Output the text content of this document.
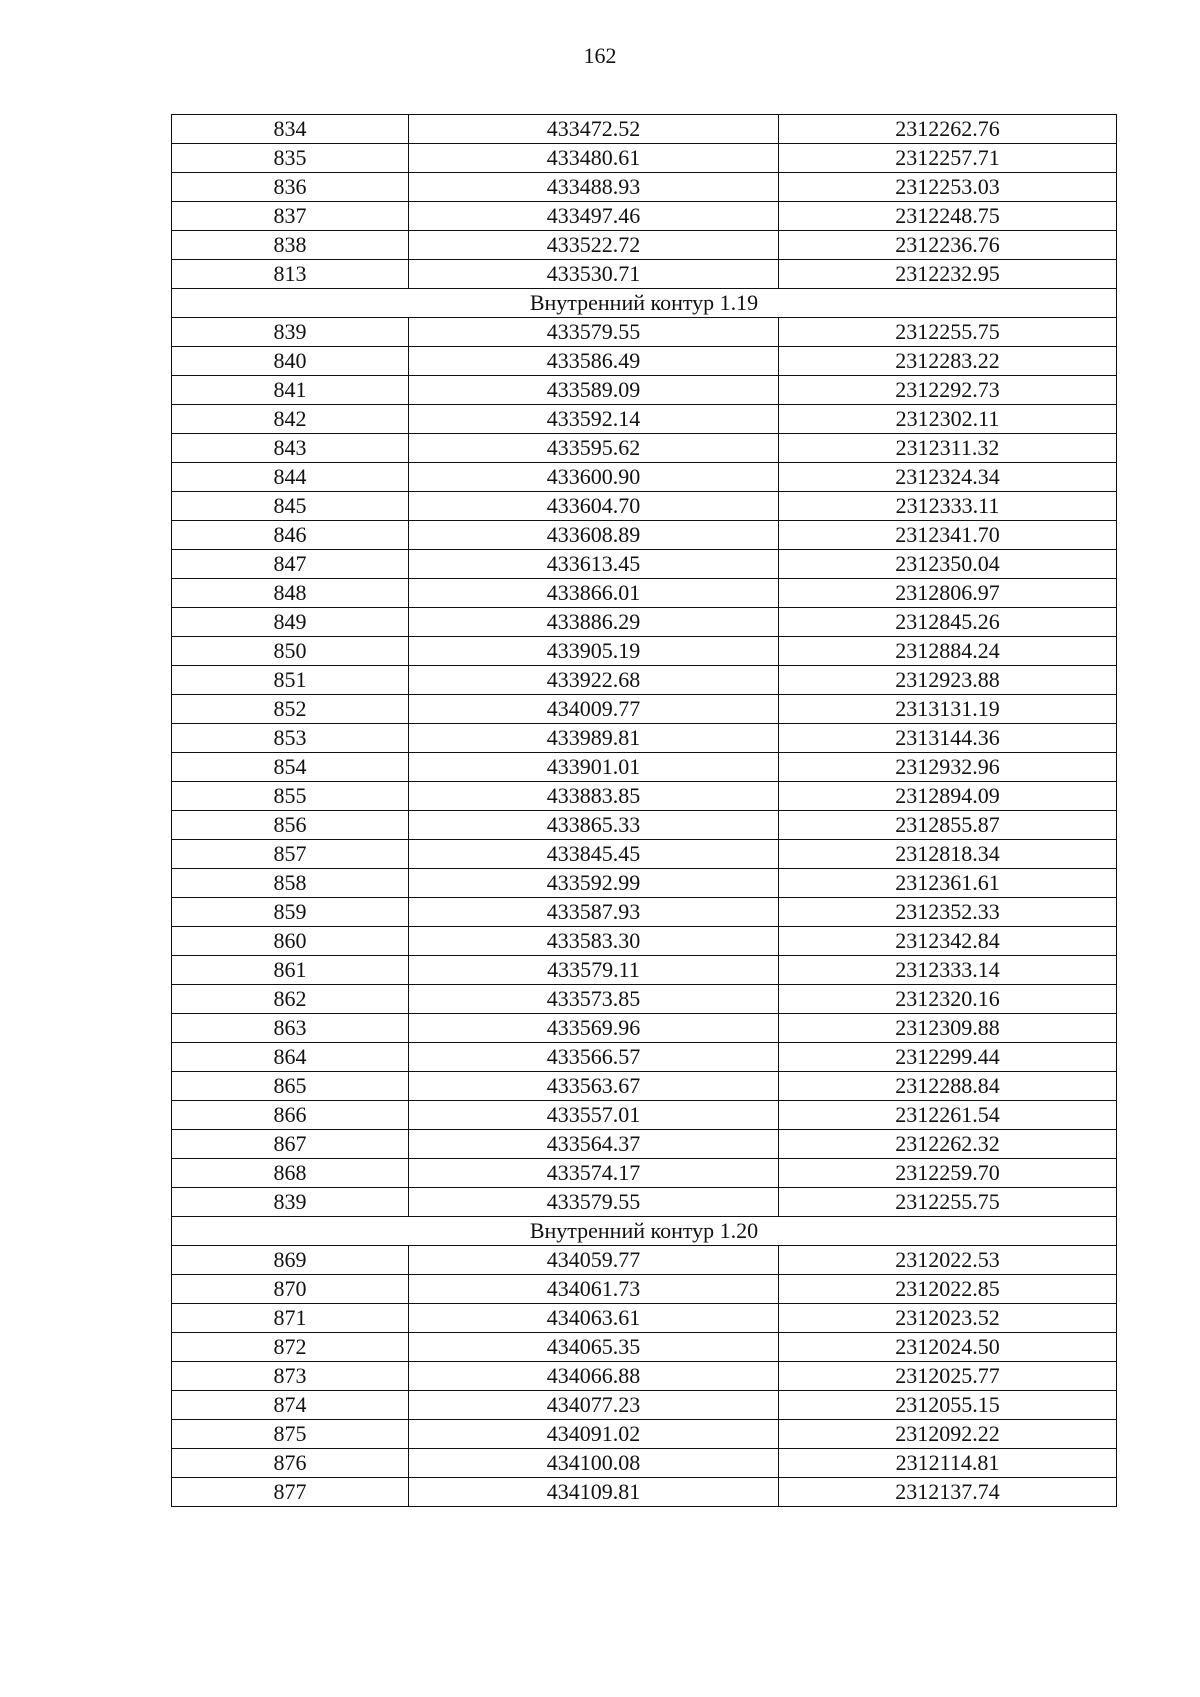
162
834	433472.52	2312262.76
835	433480.61	2312257.71
836	433488.93	2312253.03
837	433497.46	2312248.75
838	433522.72	2312236.76
813	433530.71	2312232.95
Внутренний контур 1.19		
839	433579.55	2312255.75
840	433586.49	2312283.22
841	433589.09	2312292.73
842	433592.14	2312302.11
843	433595.62	2312311.32
844	433600.90	2312324.34
845	433604.70	2312333.11
846	433608.89	2312341.70
847	433613.45	2312350.04
848	433866.01	2312806.97
849	433886.29	2312845.26
850	433905.19	2312884.24
851	433922.68	2312923.88
852	434009.77	2313131.19
853	433989.81	2313144.36
854	433901.01	2312932.96
855	433883.85	2312894.09
856	433865.33	2312855.87
857	433845.45	2312818.34
858	433592.99	2312361.61
859	433587.93	2312352.33
860	433583.30	2312342.84
861	433579.11	2312333.14
862	433573.85	2312320.16
863	433569.96	2312309.88
864	433566.57	2312299.44
865	433563.67	2312288.84
866	433557.01	2312261.54
867	433564.37	2312262.32
868	433574.17	2312259.70
839	433579.55	2312255.75
Внутренний контур 1.20		
869	434059.77	2312022.53
870	434061.73	2312022.85
871	434063.61	2312023.52
872	434065.35	2312024.50
873	434066.88	2312025.77
874	434077.23	2312055.15
875	434091.02	2312092.22
876	434100.08	2312114.81
877	434109.81	2312137.74
